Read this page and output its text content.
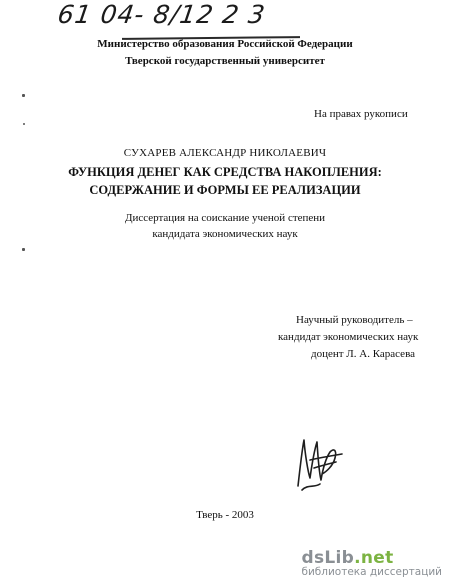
61 04- 8/12 2 3
Министерство образования Российской Федерации
Тверской государственный университет
На правах рукописи
СУХАРЕВ АЛЕКСАНДР НИКОЛАЕВИЧ
ФУНКЦИЯ ДЕНЕГ КАК СРЕДСТВА НАКОПЛЕНИЯ:
СОДЕРЖАНИЕ И ФОРМЫ ЕЕ РЕАЛИЗАЦИИ
Диссертация на соискание ученой степени
кандидата экономических наук
Научный руководитель –
кандидат экономических наук
доцент Л. А. Карасева
Тверь - 2003
dsLib.net
библиотека диссертаций
